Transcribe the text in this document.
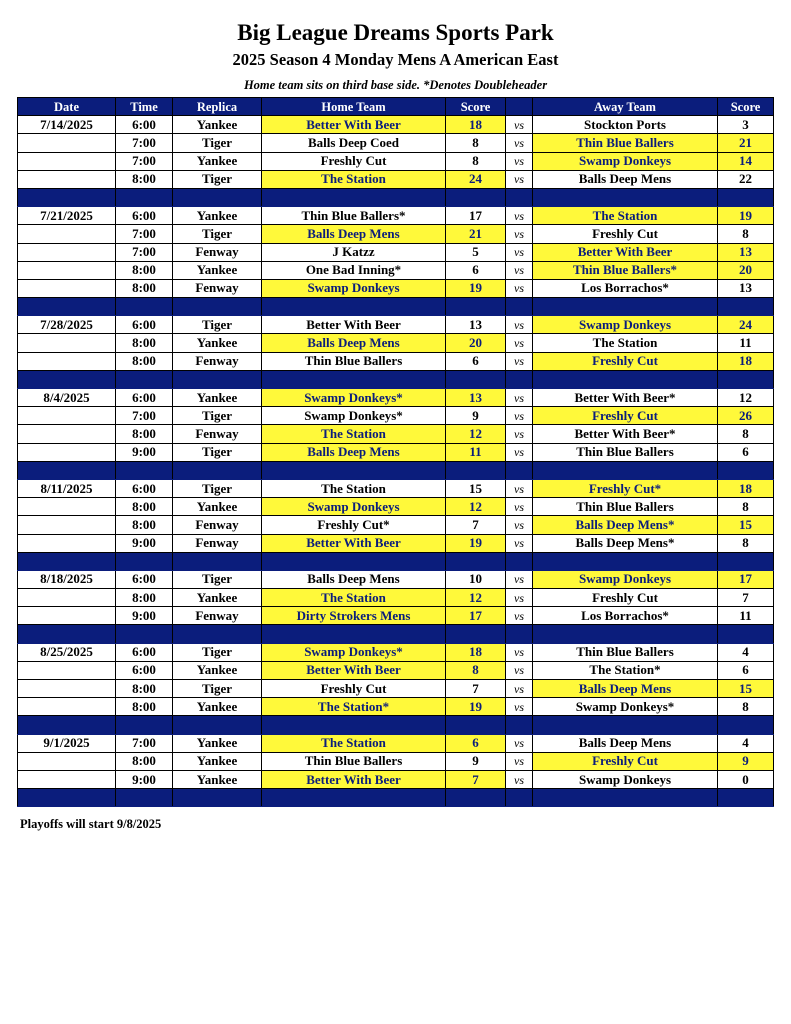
Big League Dreams Sports Park
2025 Season 4 Monday Mens A American East
Home team sits on third base side. *Denotes Doubleheader
Date	Time	Replica	Home Team	Score		Away Team	Score
7/14/2025	6:00	Yankee	Better With Beer	18	vs	Stockton Ports	3
	7:00	Tiger	Balls Deep Coed	8	vs	Thin Blue Ballers	21
	7:00	Yankee	Freshly Cut	8	vs	Swamp Donkeys	14
	8:00	Tiger	The Station	24	vs	Balls Deep Mens	22

7/21/2025	6:00	Yankee	Thin Blue Ballers*	17	vs	The Station	19
	7:00	Tiger	Balls Deep Mens	21	vs	Freshly Cut	8
	7:00	Fenway	J Katzz	5	vs	Better With Beer	13
	8:00	Yankee	One Bad Inning*	6	vs	Thin Blue Ballers*	20
	8:00	Fenway	Swamp Donkeys	19	vs	Los Borrachos*	13

7/28/2025	6:00	Tiger	Better With Beer	13	vs	Swamp Donkeys	24
	8:00	Yankee	Balls Deep Mens	20	vs	The Station	11
	8:00	Fenway	Thin Blue Ballers	6	vs	Freshly Cut	18

8/4/2025	6:00	Yankee	Swamp Donkeys*	13	vs	Better With Beer*	12
	7:00	Tiger	Swamp Donkeys*	9	vs	Freshly Cut	26
	8:00	Fenway	The Station	12	vs	Better With Beer*	8
	9:00	Tiger	Balls Deep Mens	11	vs	Thin Blue Ballers	6

8/11/2025	6:00	Tiger	The Station	15	vs	Freshly Cut*	18
	8:00	Yankee	Swamp Donkeys	12	vs	Thin Blue Ballers	8
	8:00	Fenway	Freshly Cut*	7	vs	Balls Deep Mens*	15
	9:00	Fenway	Better With Beer	19	vs	Balls Deep Mens*	8

8/18/2025	6:00	Tiger	Balls Deep Mens	10	vs	Swamp Donkeys	17
	8:00	Yankee	The Station	12	vs	Freshly Cut	7
	9:00	Fenway	Dirty Strokers Mens	17	vs	Los Borrachos*	11

8/25/2025	6:00	Tiger	Swamp Donkeys*	18	vs	Thin Blue Ballers	4
	6:00	Yankee	Better With Beer	8	vs	The Station*	6
	8:00	Tiger	Freshly Cut	7	vs	Balls Deep Mens	15
	8:00	Yankee	The Station*	19	vs	Swamp Donkeys*	8

9/1/2025	7:00	Yankee	The Station	6	vs	Balls Deep Mens	4
	8:00	Yankee	Thin Blue Ballers	9	vs	Freshly Cut	9
	9:00	Yankee	Better With Beer	7	vs	Swamp Donkeys	0

Playoffs will start 9/8/2025
